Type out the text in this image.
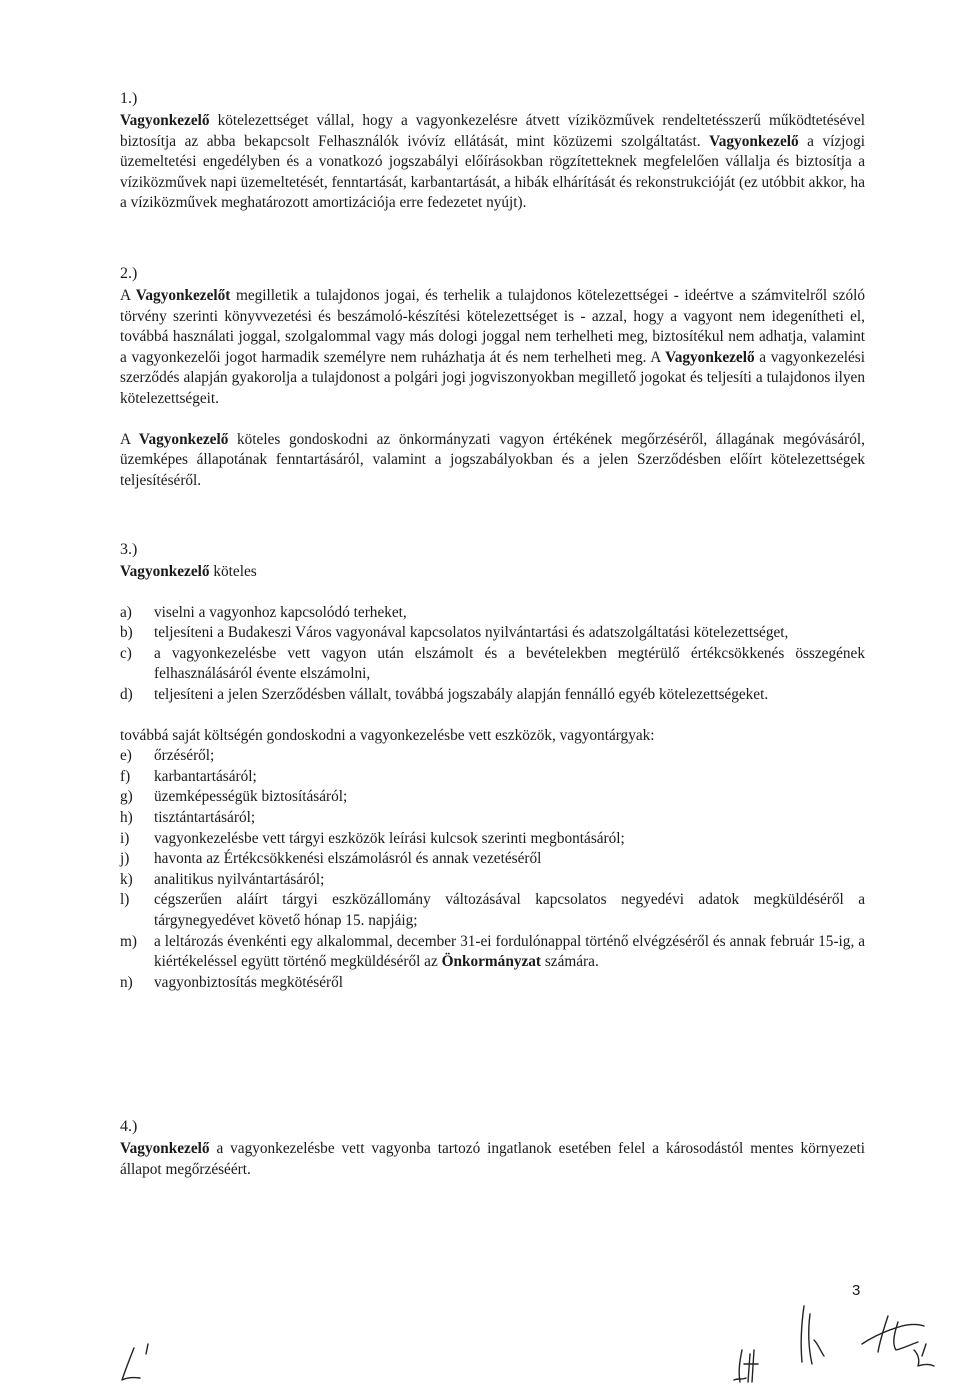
1.)

Vagyonkezelő kötelezettséget vállal, hogy a vagyonkezelésre átvett víziközművek rendeltetésszerű működtetésével biztosítja az abba bekapcsolt Felhasználók ivóvíz ellátását, mint közüzemi szolgáltatást. Vagyonkezelő a vízjogi üzemeltetési engedélyben és a vonatkozó jogszabályi előírásokban rögzítetteknek megfelelően vállalja és biztosítja a víziközművek napi üzemeltetését, fenntartását, karbantartását, a hibák elhárítását és rekonstrukcióját (ez utóbbit akkor, ha a víziközművek meghatározott amortizációja erre fedezetet nyújt).

2.)

A Vagyonkezelőt megilletik a tulajdonos jogai, és terhelik a tulajdonos kötelezettségei - ideértve a számvitelről szóló törvény szerinti könyvvezetési és beszámoló-készítési kötelezettséget is - azzal, hogy a vagyont nem idegenítheti el, továbbá használati joggal, szolgalommal vagy más dologi joggal nem terhelheti meg, biztosítékul nem adhatja, valamint a vagyonkezelői jogot harmadik személyre nem ruházhatja át és nem terhelheti meg. A Vagyonkezelő a vagyonkezelési szerződés alapján gyakorolja a tulajdonost a polgári jogi jogviszonyokban megillető jogokat és teljesíti a tulajdonos ilyen kötelezettségeit.

A Vagyonkezelő köteles gondoskodni az önkormányzati vagyon értékének megőrzéséről, állagának megóvásáról, üzemképes állapotának fenntartásáról, valamint a jogszabályokban és a jelen Szerződésben előírt kötelezettségek teljesítéséről.

3.)

Vagyonkezelő köteles

a) viselni a vagyonhoz kapcsolódó terheket,
b) teljesíteni a Budakeszi Város vagyonával kapcsolatos nyilvántartási és adatszolgáltatási kötelezettséget,
c) a vagyonkezelésbe vett vagyon után elszámolt és a bevételekben megtérülő értékcsökkenés összegének felhasználásáról évente elszámolni,
d) teljesíteni a jelen Szerződésben vállalt, továbbá jogszabály alapján fennálló egyéb kötelezettségeket.

továbbá saját költségén gondoskodni a vagyonkezelésbe vett eszközök, vagyontárgyak:

e) őrzéséről;
f) karbantartásáról;
g) üzemképességük biztosításáról;
h) tisztántartásáról;
i) vagyonkezelésbe vett tárgyi eszközök leírási kulcsok szerinti megbontásáról;
j) havonta az Értékcsökkenési elszámolásról és annak vezetéséről
k) analitikus nyilvántartásáról;
l) cégszerűen aláírt tárgyi eszközállomány változásával kapcsolatos negyedévi adatok megküldéséről a tárgynegyedévet követő hónap 15. napjáig;
m) a leltározás évenkénti egy alkalommal, december 31-ei fordulónappal történő elvégzéséről és annak február 15-ig, a kiértékeléssel együtt történő megküldéséről az Önkormányzat számára.
n) vagyonbiztosítás megkötéséről

4.)

Vagyonkezelő a vagyonkezelésbe vett vagyonba tartozó ingatlanok esetében felel a károsodástól mentes környezeti állapot megőrzéséért.

3
